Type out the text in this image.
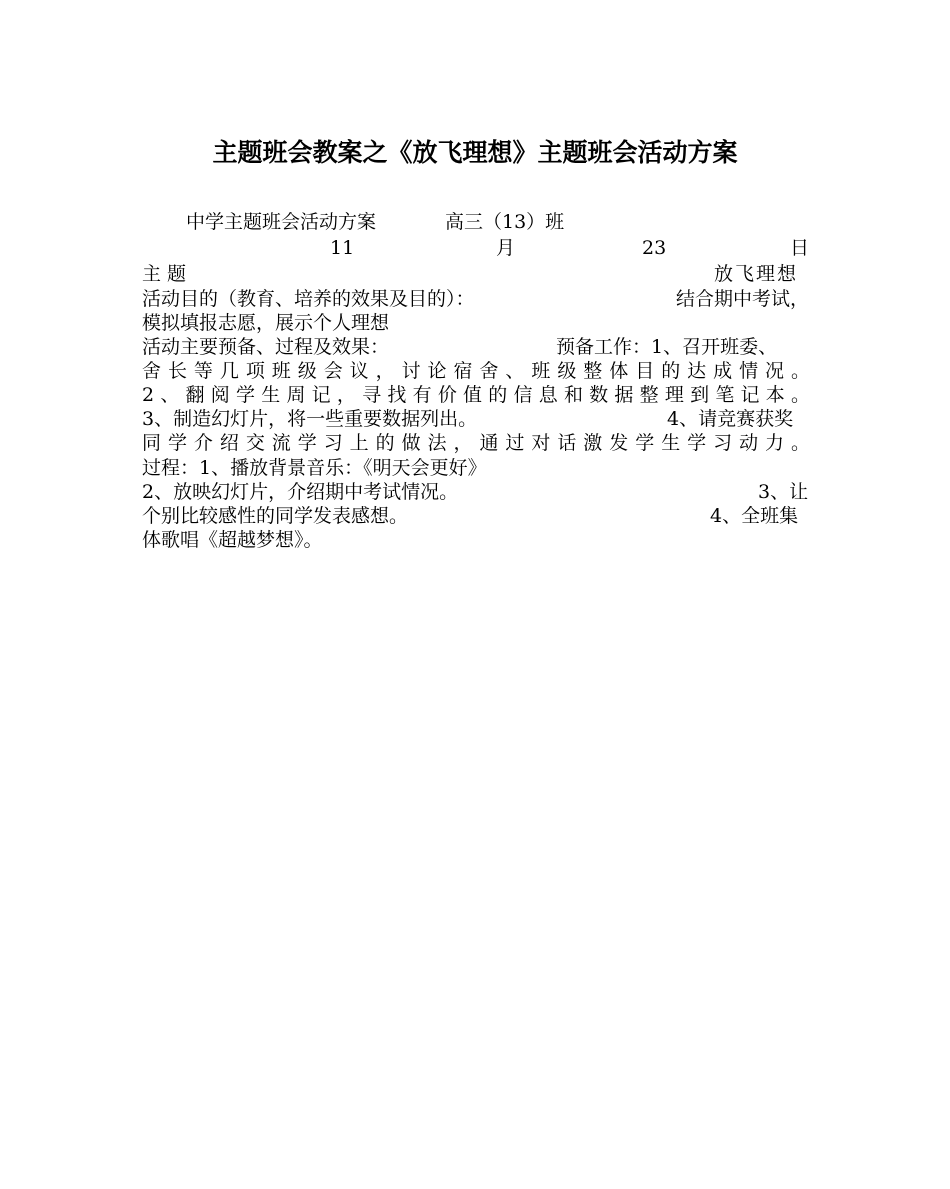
主题班会教案之《放飞理想》主题班会活动方案
中学主题班会活动方案	高三（13）班
11	月	23	日
主 题	放飞理想
活动目的（教育、培养的效果及目的）：	结合期中考试，
模拟填报志愿，展示个人理想
活动主要预备、过程及效果：	预备工作：1、召开班委、
舍长等几项班级会议，讨论宿舍、班级整体目的达成情况。
2、翻阅学生周记，寻找有价值的信息和数据整理到笔记本。
3、制造幻灯片，将一些重要数据列出。	4、请竞赛获奖
同学介绍交流学习上的做法，通过对话激发学生学习动力。
过程：1、播放背景音乐：《明天会更好》
2、放映幻灯片，介绍期中考试情况。	3、让
个别比较感性的同学发表感想。	4、全班集
体歌唱《超越梦想》。
